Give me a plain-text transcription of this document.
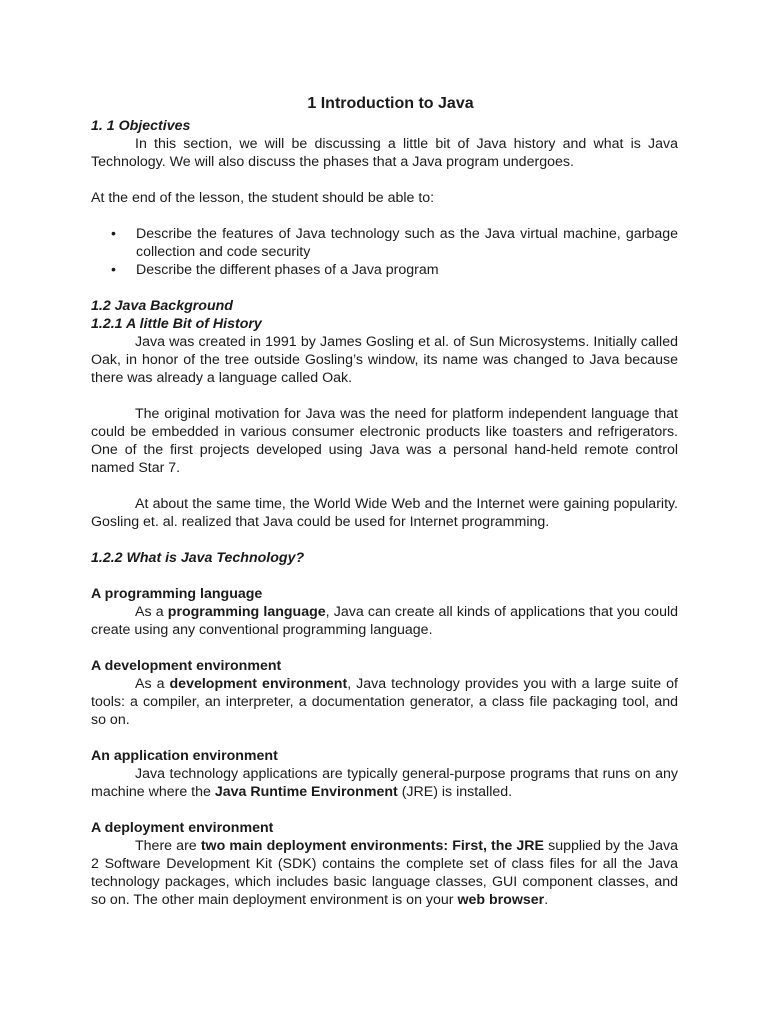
1 Introduction to Java
1. 1 Objectives

In this section, we will be discussing a little bit of Java history and what is Java Technology. We will also discuss the phases that a Java program undergoes.

At the end of the lesson, the student should be able to:

• Describe the features of Java technology such as the Java virtual machine, garbage collection and code security
• Describe the different phases of a Java program
1.2 Java Background
1.2.1 A little Bit of History

Java was created in 1991 by James Gosling et al. of Sun Microsystems. Initially called Oak, in honor of the tree outside Gosling’s window, its name was changed to Java because there was already a language called Oak.

The original motivation for Java was the need for platform independent language that could be embedded in various consumer electronic products like toasters and refrigerators. One of the first projects developed using Java was a personal hand-held remote control named Star 7.

At about the same time, the World Wide Web and the Internet were gaining popularity. Gosling et. al. realized that Java could be used for Internet programming.

1.2.2 What is Java Technology?
A programming language

As a programming language, Java can create all kinds of applications that you could create using any conventional programming language.

A development environment

As a development environment, Java technology provides you with a large suite of tools: a compiler, an interpreter, a documentation generator, a class file packaging tool, and so on.

An application environment

Java technology applications are typically general-purpose programs that runs on any machine where the Java Runtime Environment (JRE) is installed.

A deployment environment

There are two main deployment environments: First, the JRE supplied by the Java 2 Software Development Kit (SDK) contains the complete set of class files for all the Java technology packages, which includes basic language classes, GUI component classes, and so on. The other main deployment environment is on your web browser.
